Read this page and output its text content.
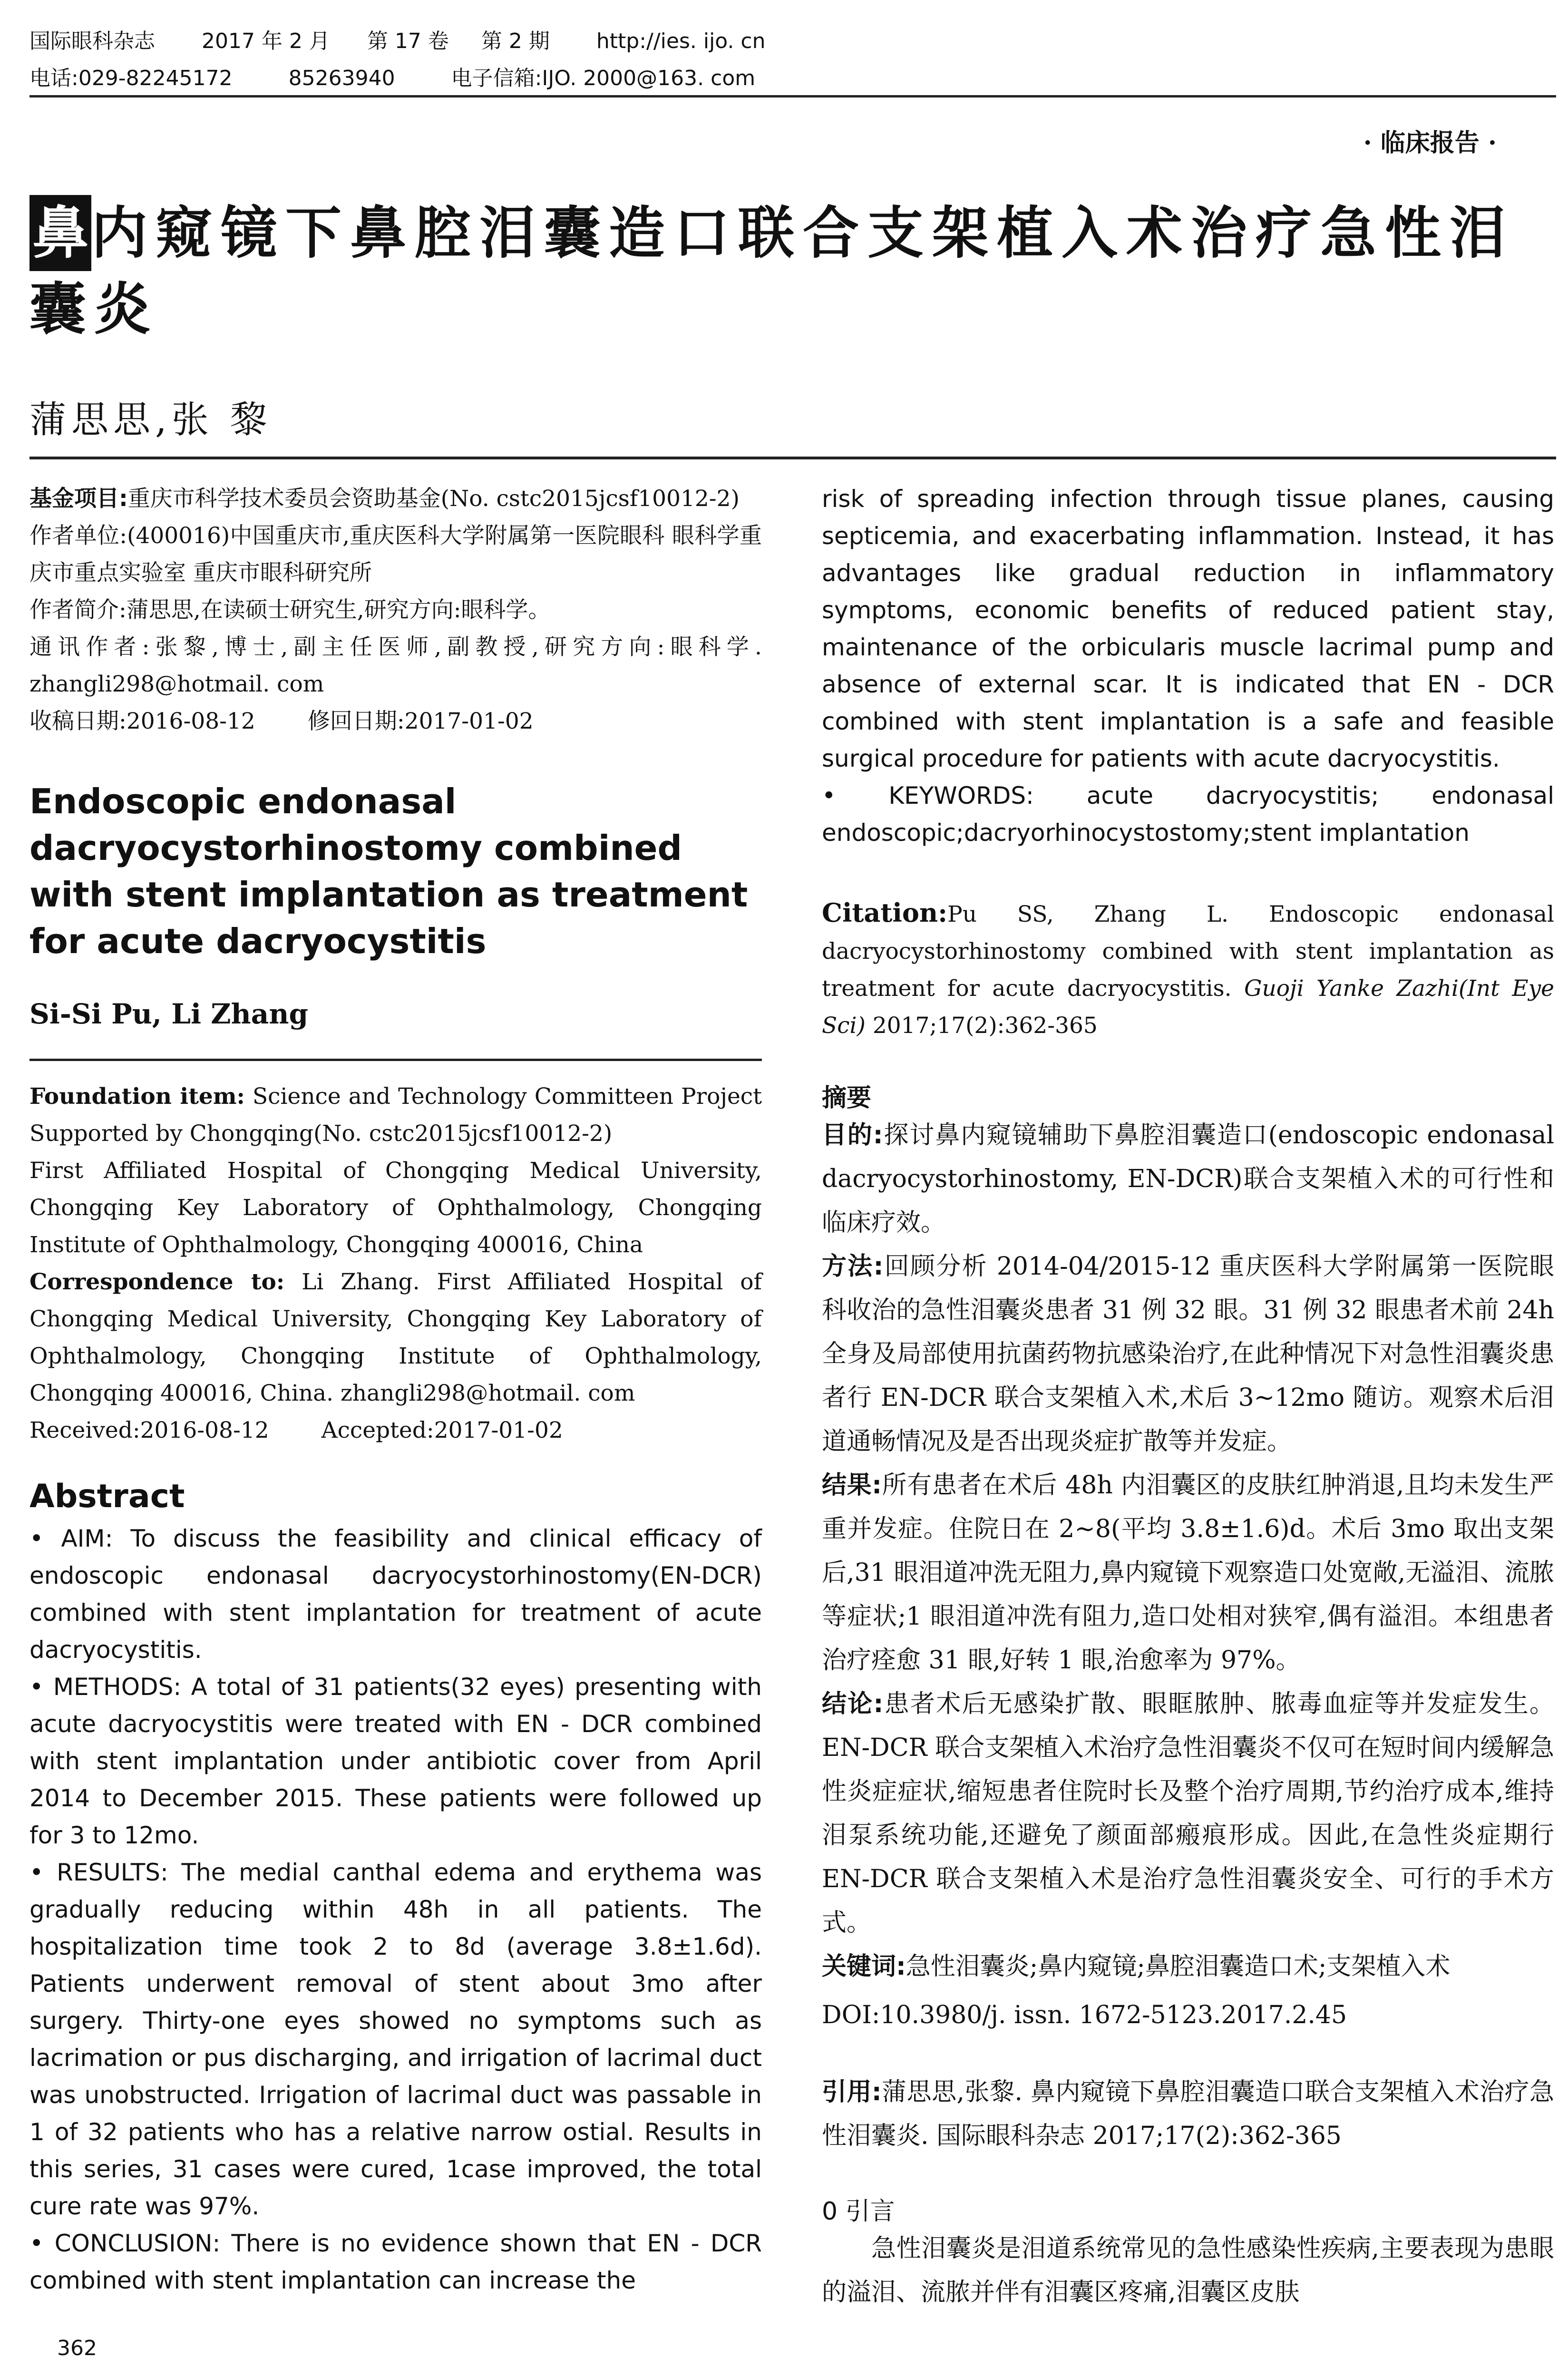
国际眼科杂志 2017 年 2 月 第 17 卷 第 2 期 http://ies. ijo. cn
电话:029-82245172	85263940	电子信箱:IJO. 2000@163. com
· 临床报告 ·
鼻内窥镜下鼻腔泪囊造口联合支架植入术治疗急性泪囊炎
蒲思思,张 黎

基金项目:重庆市科学技术委员会资助基金(No. cstc2015jcsf10012-2)

作者单位:(400016)中国重庆市,重庆医科大学附属第一医院眼科 眼科学重庆市重点实验室 重庆市眼科研究所

作者简介:蒲思思,在读硕士研究生,研究方向:眼科学。

通讯作者:张黎,博士,副主任医师,副教授,研究方向:眼科学. zhangli298@hotmail. com

收稿日期:2016-08-12 修回日期:2017-01-02

Endoscopic endonasal dacryocystorhinostomy combined with stent implantation as treatment for acute dacryocystitis
Si-Si Pu, Li Zhang

Foundation item: Science and Technology Committeen Project Supported by Chongqing(No. cstc2015jcsf10012-2)

First Affiliated Hospital of Chongqing Medical University, Chongqing Key Laboratory of Ophthalmology, Chongqing Institute of Ophthalmology, Chongqing 400016, China

Correspondence to: Li Zhang. First Affiliated Hospital of Chongqing Medical University, Chongqing Key Laboratory of Ophthalmology, Chongqing Institute of Ophthalmology, Chongqing 400016, China. zhangli298@hotmail. com

Received:2016-08-12 Accepted:2017-01-02

Abstract

• AIM: To discuss the feasibility and clinical efficacy of endoscopic endonasal dacryocystorhinostomy(EN-DCR) combined with stent implantation for treatment of acute dacryocystitis.

• METHODS: A total of 31 patients(32 eyes) presenting with acute dacryocystitis were treated with EN - DCR combined with stent implantation under antibiotic cover from April 2014 to December 2015. These patients were followed up for 3 to 12mo.

• RESULTS: The medial canthal edema and erythema was gradually reducing within 48h in all patients. The hospitalization time took 2 to 8d (average 3.8±1.6d). Patients underwent removal of stent about 3mo after surgery. Thirty-one eyes showed no symptoms such as lacrimation or pus discharging, and irrigation of lacrimal duct was unobstructed. Irrigation of lacrimal duct was passable in 1 of 32 patients who has a relative narrow ostial. Results in this series, 31 cases were cured, 1case improved, the total cure rate was 97%.

• CONCLUSION: There is no evidence shown that EN - DCR combined with stent implantation can increase the

risk of spreading infection through tissue planes, causing septicemia, and exacerbating inflammation. Instead, it has advantages like gradual reduction in inflammatory symptoms, economic benefits of reduced patient stay, maintenance of the orbicularis muscle lacrimal pump and absence of external scar. It is indicated that EN - DCR combined with stent implantation is a safe and feasible surgical procedure for patients with acute dacryocystitis.

• KEYWORDS: acute dacryocystitis; endonasal endoscopic;dacryorhinocystostomy;stent implantation

Citation:Pu SS, Zhang L. Endoscopic endonasal dacryocystorhinostomy combined with stent implantation as treatment for acute dacryocystitis. Guoji Yanke Zazhi(Int Eye Sci) 2017;17(2):362-365

摘要

目的:探讨鼻内窥镜辅助下鼻腔泪囊造口(endoscopic endonasal dacryocystorhinostomy, EN-DCR)联合支架植入术的可行性和临床疗效。

方法:回顾分析 2014-04/2015-12 重庆医科大学附属第一医院眼科收治的急性泪囊炎患者 31 例 32 眼。31 例 32 眼患者术前 24h 全身及局部使用抗菌药物抗感染治疗,在此种情况下对急性泪囊炎患者行 EN-DCR 联合支架植入术,术后 3~12mo 随访。观察术后泪道通畅情况及是否出现炎症扩散等并发症。

结果:所有患者在术后 48h 内泪囊区的皮肤红肿消退,且均未发生严重并发症。住院日在 2~8(平均 3.8±1.6)d。术后 3mo 取出支架后,31 眼泪道冲洗无阻力,鼻内窥镜下观察造口处宽敞,无溢泪、流脓等症状;1 眼泪道冲洗有阻力,造口处相对狭窄,偶有溢泪。本组患者治疗痊愈 31 眼,好转 1 眼,治愈率为 97%。

结论:患者术后无感染扩散、眼眶脓肿、脓毒血症等并发症发生。EN-DCR 联合支架植入术治疗急性泪囊炎不仅可在短时间内缓解急性炎症症状,缩短患者住院时长及整个治疗周期,节约治疗成本,维持泪泵系统功能,还避免了颜面部瘢痕形成。因此,在急性炎症期行 EN-DCR 联合支架植入术是治疗急性泪囊炎安全、可行的手术方式。

关键词:急性泪囊炎;鼻内窥镜;鼻腔泪囊造口术;支架植入术

DOI:10.3980/j. issn. 1672-5123.2017.2.45

引用:蒲思思,张黎. 鼻内窥镜下鼻腔泪囊造口联合支架植入术治疗急性泪囊炎. 国际眼科杂志 2017;17(2):362-365

0 引言

急性泪囊炎是泪道系统常见的急性感染性疾病,主要表现为患眼的溢泪、流脓并伴有泪囊区疼痛,泪囊区皮肤

362
